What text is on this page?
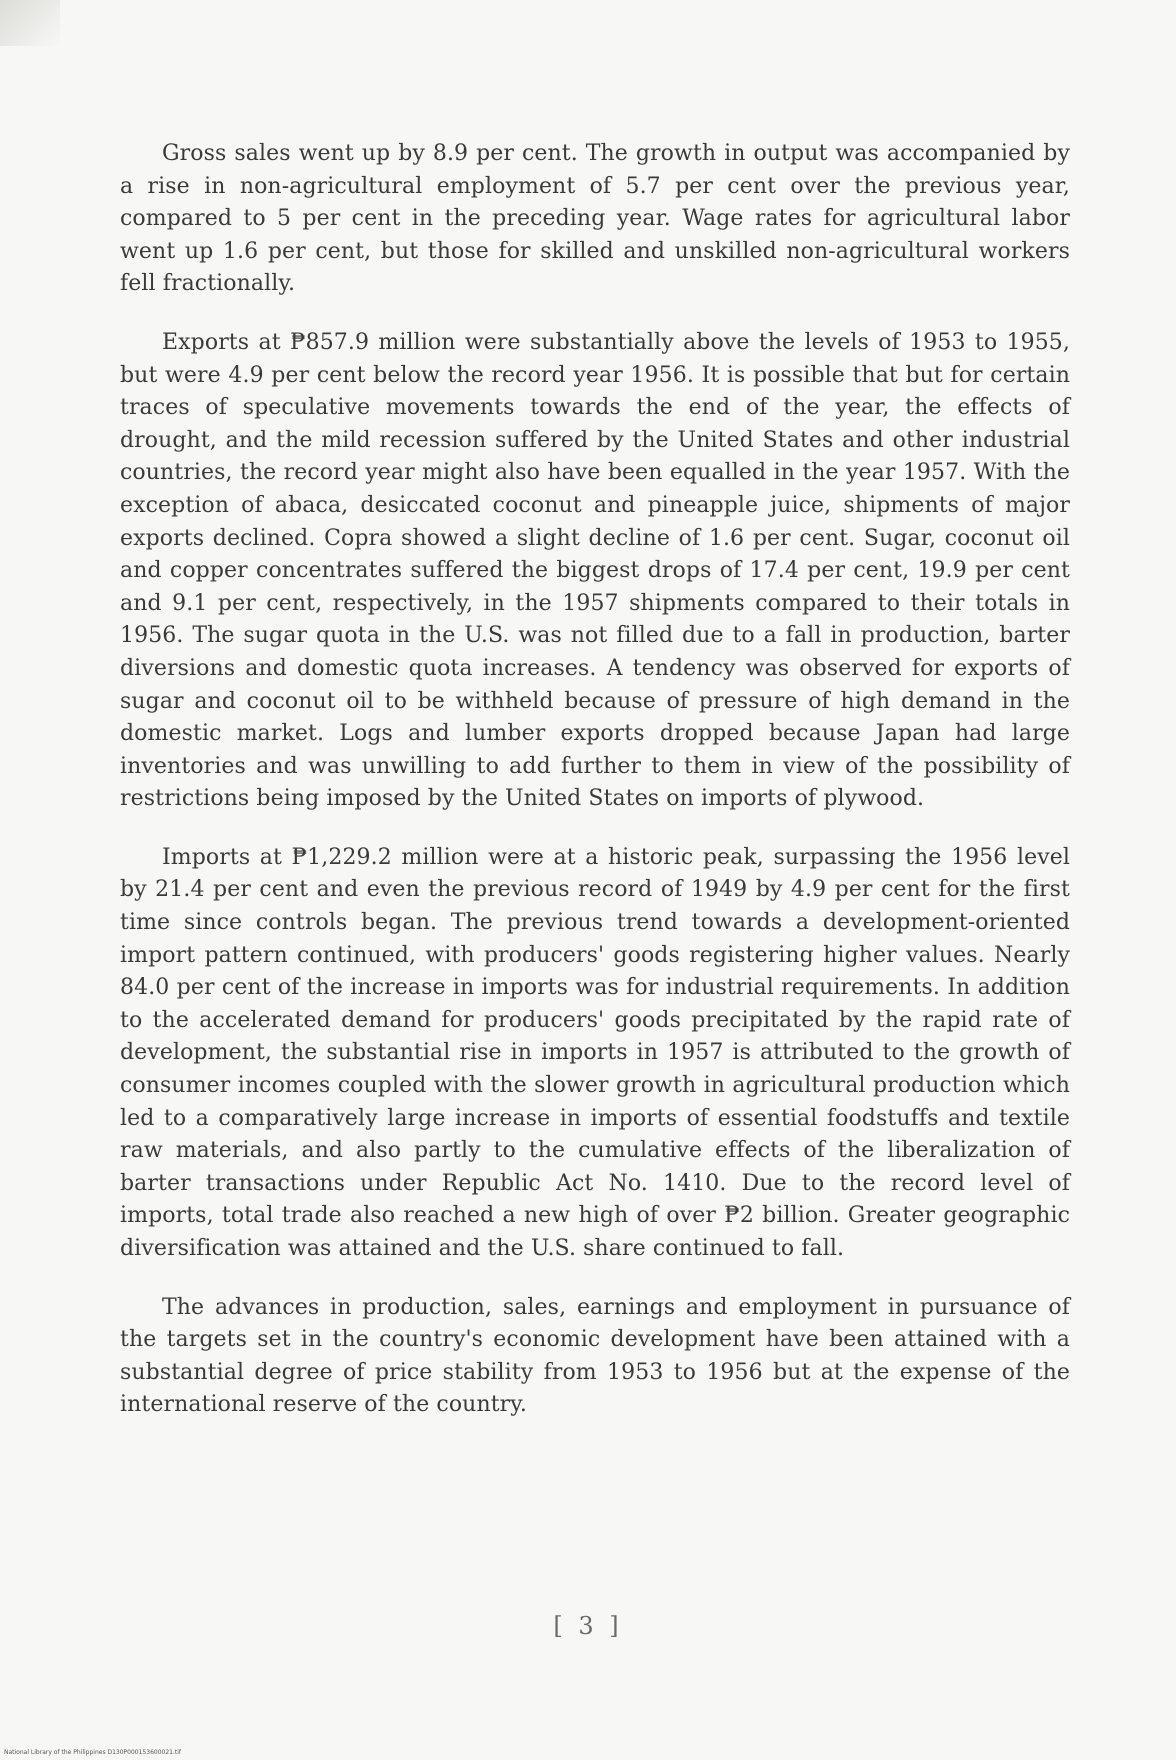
Gross sales went up by 8.9 per cent. The growth in output was accompanied by a rise in non-agricultural employment of 5.7 per cent over the previous year, compared to 5 per cent in the preceding year. Wage rates for agricultural labor went up 1.6 per cent, but those for skilled and unskilled non-agricultural workers fell fractionally.

Exports at ₱857.9 million were substantially above the levels of 1953 to 1955, but were 4.9 per cent below the record year 1956. It is possible that but for certain traces of speculative movements towards the end of the year, the effects of drought, and the mild recession suffered by the United States and other industrial countries, the record year might also have been equalled in the year 1957. With the exception of abaca, desiccated coconut and pineapple juice, shipments of major exports declined. Copra showed a slight decline of 1.6 per cent. Sugar, coconut oil and copper concentrates suffered the biggest drops of 17.4 per cent, 19.9 per cent and 9.1 per cent, respectively, in the 1957 shipments compared to their totals in 1956. The sugar quota in the U.S. was not filled due to a fall in production, barter diversions and domestic quota increases. A tendency was observed for exports of sugar and coconut oil to be withheld because of pressure of high demand in the domestic market. Logs and lumber exports dropped because Japan had large inventories and was unwilling to add further to them in view of the possibility of restrictions being imposed by the United States on imports of plywood.

Imports at ₱1,229.2 million were at a historic peak, surpassing the 1956 level by 21.4 per cent and even the previous record of 1949 by 4.9 per cent for the first time since controls began. The previous trend towards a development-oriented import pattern continued, with producers' goods registering higher values. Nearly 84.0 per cent of the increase in imports was for industrial requirements. In addition to the accelerated demand for producers' goods precipitated by the rapid rate of development, the substantial rise in imports in 1957 is attributed to the growth of consumer incomes coupled with the slower growth in agricultural production which led to a comparatively large increase in imports of essential foodstuffs and textile raw materials, and also partly to the cumulative effects of the liberalization of barter transactions under Republic Act No. 1410. Due to the record level of imports, total trade also reached a new high of over ₱2 billion. Greater geographic diversification was attained and the U.S. share continued to fall.

The advances in production, sales, earnings and employment in pursuance of the targets set in the country's economic development have been attained with a substantial degree of price stability from 1953 to 1956 but at the expense of the international reserve of the country.

[ 3 ]
National Library of the Philippines D130P000153600021.tif
